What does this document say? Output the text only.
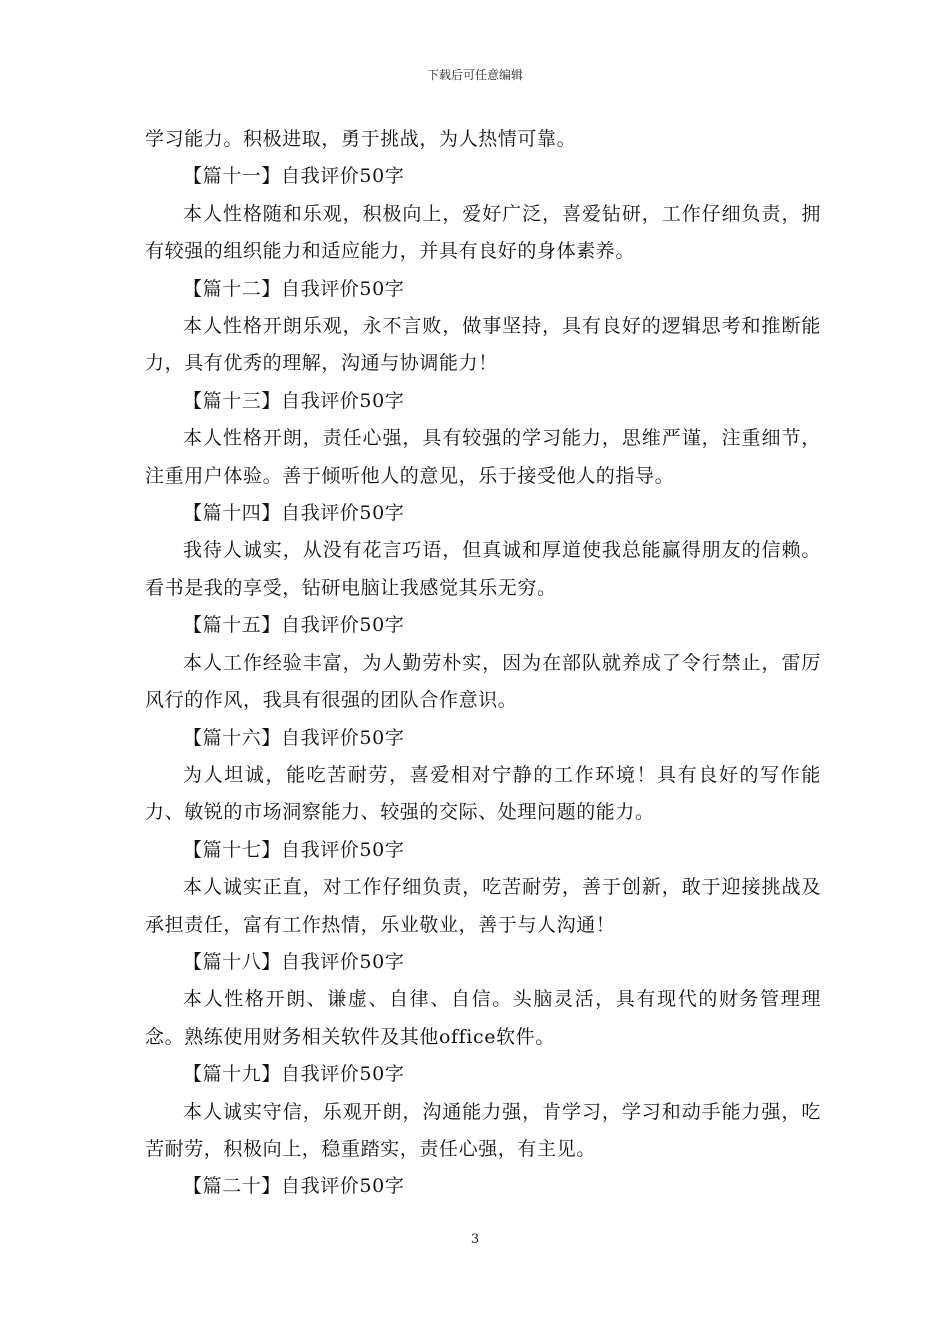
下载后可任意编辑

学习能力。积极进取，勇于挑战，为人热情可靠。

【篇十一】自我评价50字

本人性格随和乐观，积极向上，爱好广泛，喜爱钻研，工作仔细负责，拥有较强的组织能力和适应能力，并具有良好的身体素养。

【篇十二】自我评价50字

本人性格开朗乐观，永不言败，做事坚持，具有良好的逻辑思考和推断能力，具有优秀的理解，沟通与协调能力！

【篇十三】自我评价50字

本人性格开朗，责任心强，具有较强的学习能力，思维严谨，注重细节，注重用户体验。善于倾听他人的意见，乐于接受他人的指导。

【篇十四】自我评价50字

我待人诚实，从没有花言巧语，但真诚和厚道使我总能赢得朋友的信赖。看书是我的享受，钻研电脑让我感觉其乐无穷。

【篇十五】自我评价50字

本人工作经验丰富，为人勤劳朴实，因为在部队就养成了令行禁止，雷厉风行的作风，我具有很强的团队合作意识。

【篇十六】自我评价50字

为人坦诚，能吃苦耐劳，喜爱相对宁静的工作环境！具有良好的写作能力、敏锐的市场洞察能力、较强的交际、处理问题的能力。

【篇十七】自我评价50字

本人诚实正直，对工作仔细负责，吃苦耐劳，善于创新，敢于迎接挑战及承担责任，富有工作热情，乐业敬业，善于与人沟通！

【篇十八】自我评价50字

本人性格开朗、谦虚、自律、自信。头脑灵活，具有现代的财务管理理念。熟练使用财务相关软件及其他office软件。

【篇十九】自我评价50字

本人诚实守信，乐观开朗，沟通能力强，肯学习，学习和动手能力强，吃苦耐劳，积极向上，稳重踏实，责任心强，有主见。

【篇二十】自我评价50字

3
